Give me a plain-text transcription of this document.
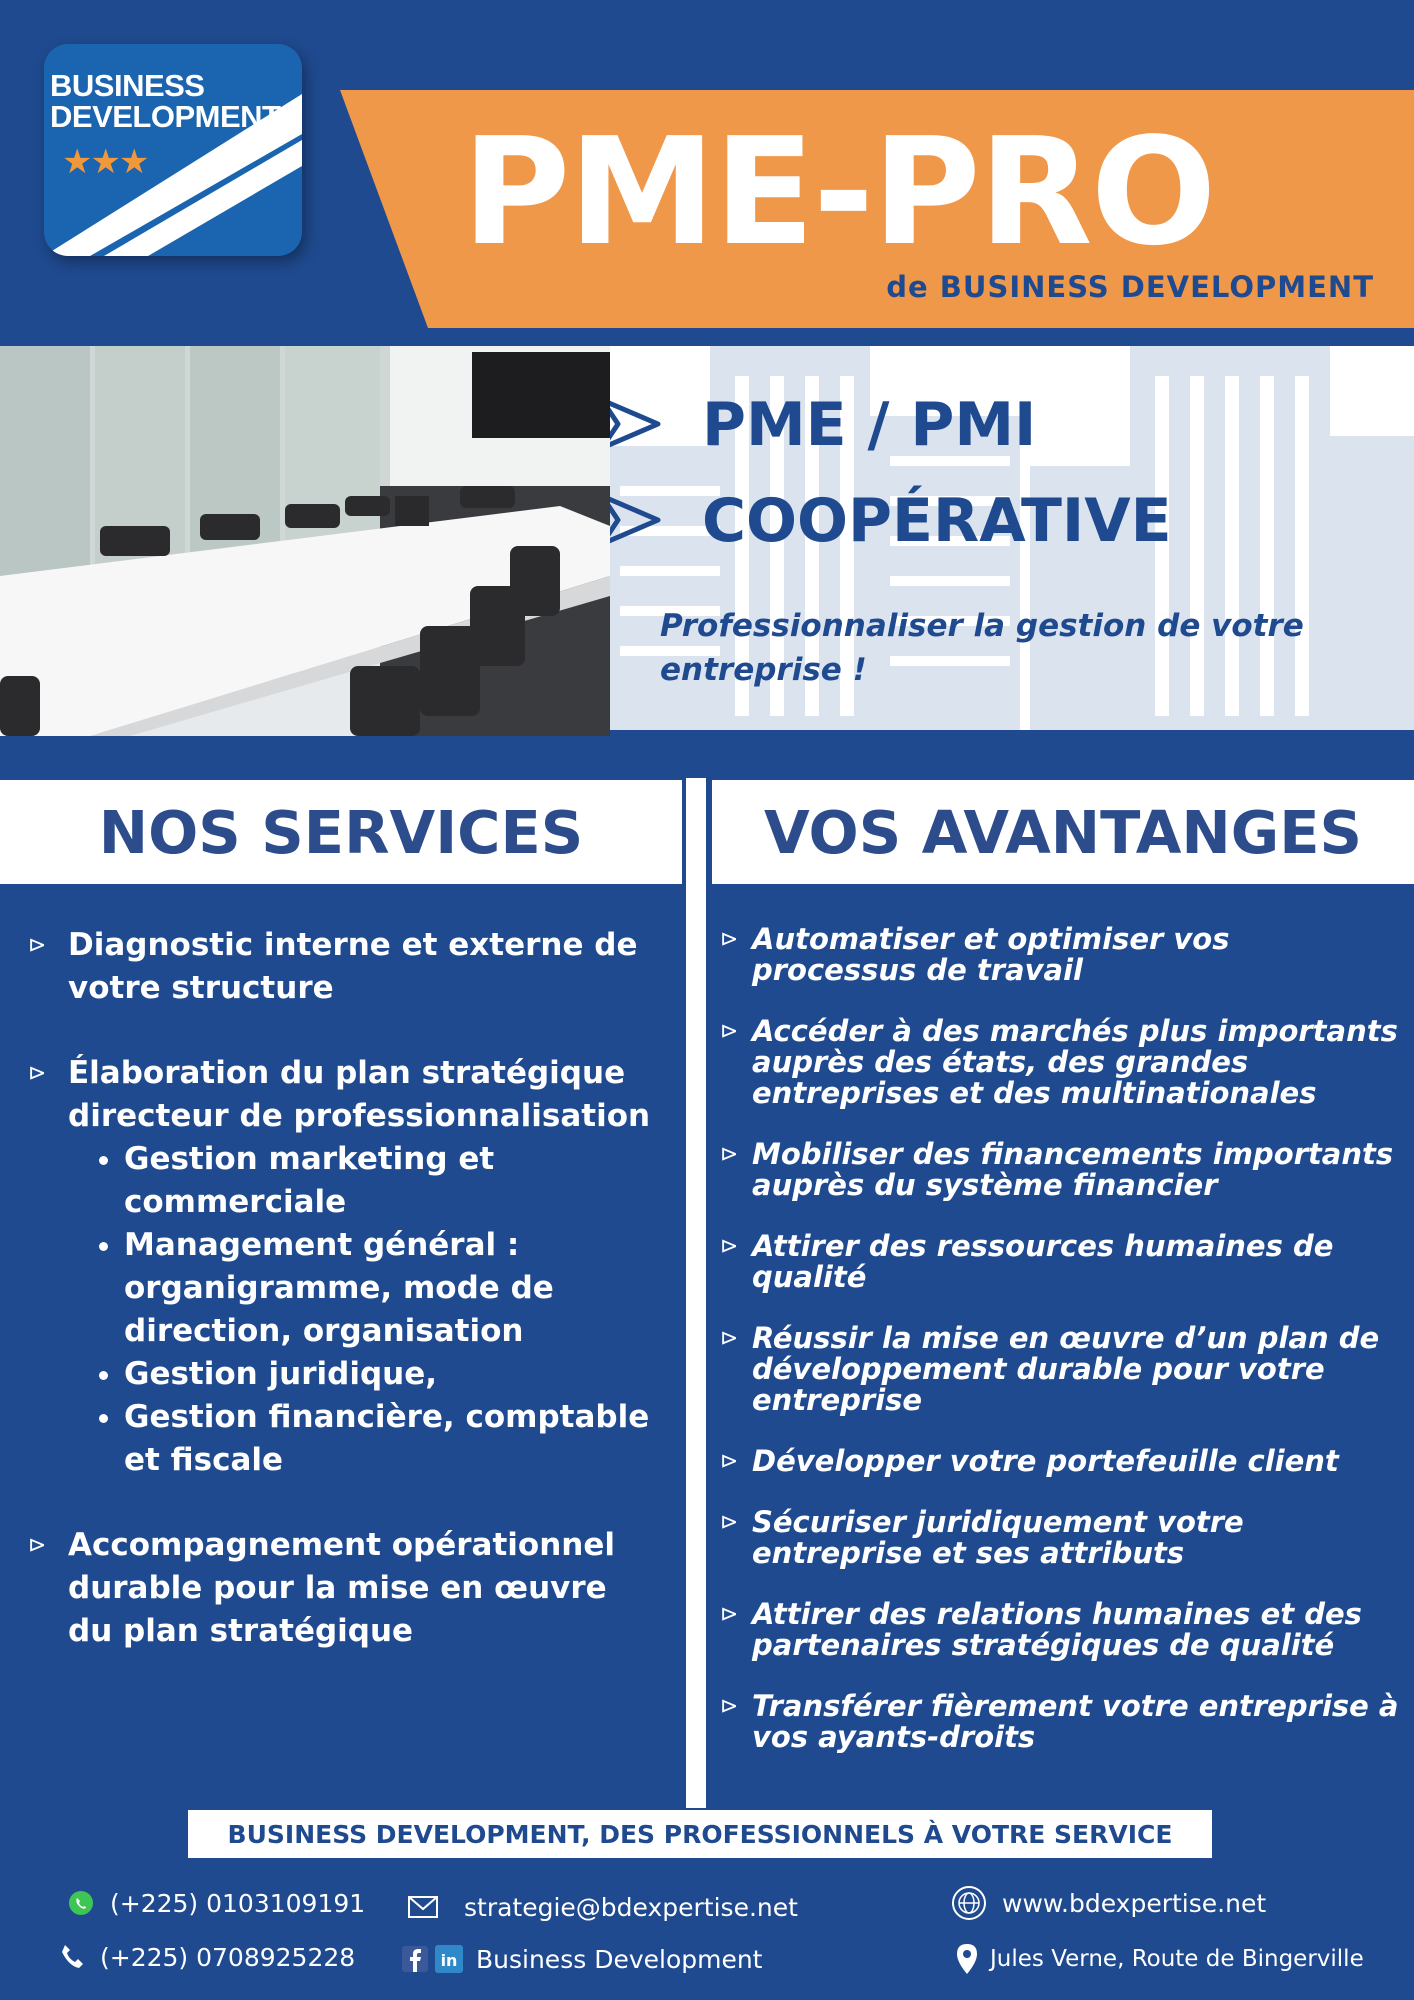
BUSINESS
DEVELOPMENT
★★★ PME-PRO
de BUSINESS DEVELOPMENT
PME / PMI
COOPÉRATIVE
Professionnaliser la gestion de votre entreprise !
NOS SERVICES	VOS AVANTANGES
⊳ Diagnostic interne et externe de votre structure
⊳ Élaboration du plan stratégique directeur de professionnalisation
• Gestion marketing et commerciale
• Management général : organigramme, mode de direction, organisation
• Gestion juridique,
• Gestion financière, comptable et fiscale
⊳ Accompagnement opérationnel durable pour la mise en œuvre du plan stratégique
⊳ Automatiser et optimiser vos processus de travail
⊳ Accéder à des marchés plus importants auprès des états, des grandes entreprises et des multinationales
⊳ Mobiliser des financements importants auprès du système financier
⊳ Attirer des ressources humaines de qualité
⊳ Réussir la mise en œuvre d’un plan de développement durable pour votre entreprise
⊳ Développer votre portefeuille client
⊳ Sécuriser juridiquement votre entreprise et ses attributs
⊳ Attirer des relations humaines et des partenaires stratégiques de qualité
⊳ Transférer fièrement votre entreprise à vos ayants-droits
BUSINESS DEVELOPMENT, DES PROFESSIONNELS À VOTRE SERVICE
(+225) 0103109191
(+225) 0708925228
strategie@bdexpertise.net
in Business Development
www.bdexpertise.net
Jules Verne, Route de Bingerville
